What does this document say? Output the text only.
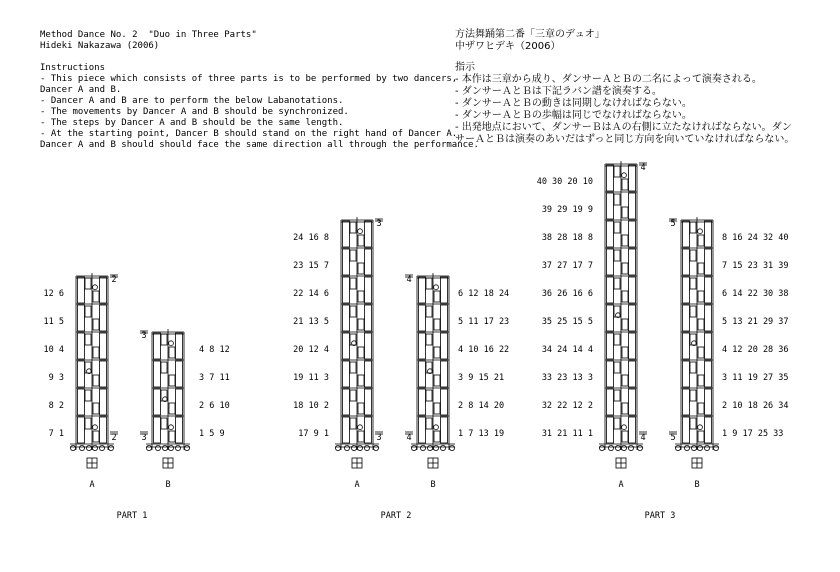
Method Dance No. 2  "Duo in Three Parts"
Hideki Nakazawa (2006)
Instructions
- This piece which consists of three parts is to be performed by two dancers,
Dancer A and B.
- Dancer A and B are to perform the below Labanotations.
- The movements by Dancer A and B should be synchronized.
- The steps by Dancer A and B should be the same length.
- At the starting point, Dancer B should stand on the right hand of Dancer A.
Dancer A and B should should face the same direction all through the performance.
方法舞踊第二番「三章のデュオ」
中ザワヒデキ（2006）
指示
- 本作は三章から成り、ダンサーＡとＢの二名によって演奏される。
- ダンサーＡとＢは下記ラバン譜を演奏する。
- ダンサーＡとＢの動きは同期しなければならない。
- ダンサーＡとＢの歩幅は同じでなければならない。
- 出発地点において、ダンサーＢはＡの右側に立たなければならない。ダン
サーＡとＢは演奏のあいだはずっと同じ方向を向いていなければならない。
A
2
2
B
3
3
7 1
8 2
9 3
10 4
11 5
12 6
1 5 9
2 6 10
3 7 11
4 8 12
PART 1
A
3
3
B
4
4
17 9 1
18 10 2
19 11 3
20 12 4
21 13 5
22 14 6
23 15 7
24 16 8
1 7 13 19
2 8 14 20
3 9 15 21
4 10 16 22
5 11 17 23
6 12 18 24
PART 2
A
4
4
B
5
5
31 21 11 1
32 22 12 2
33 23 13 3
34 24 14 4
35 25 15 5
36 26 16 6
37 27 17 7
38 28 18 8
39 29 19 9
40 30 20 10
1 9 17 25 33
2 10 18 26 34
3 11 19 27 35
4 12 20 28 36
5 13 21 29 37
6 14 22 30 38
7 15 23 31 39
8 16 24 32 40
PART 3
